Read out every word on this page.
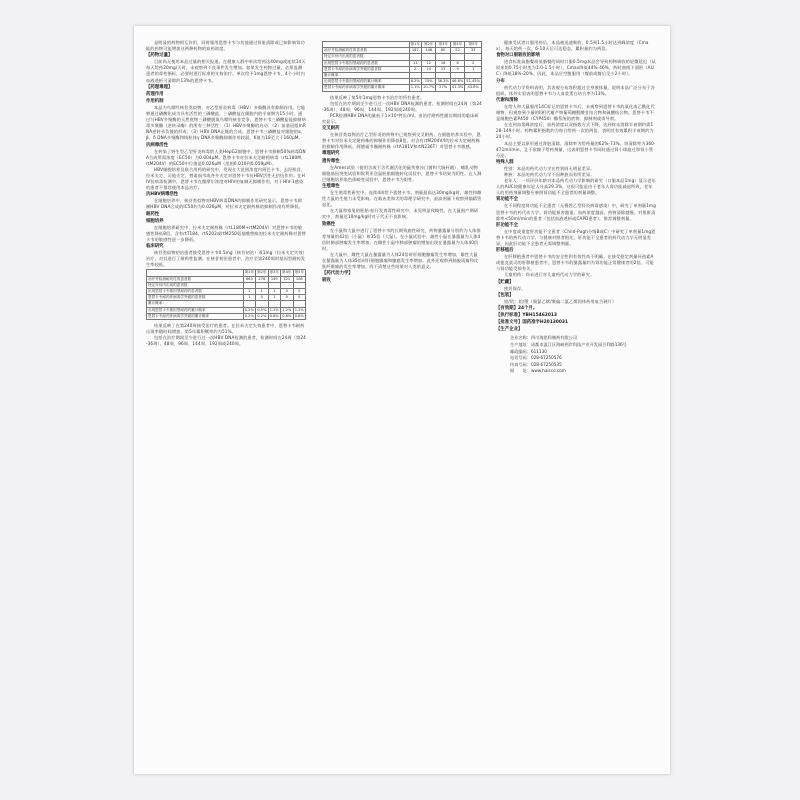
是明显的药物相互作用，同时服用恩替卡韦与其他通过肾脏清除或已知影响肾功能的药物可能增加这两种药物的血药浓度。

【药物过量】

目前尚无使用本品过量的相关报道。在健康人群中单次给药达40mg或连续14天每天给药20mg/天时，未观察到不良事件发生增加。如果发生药物过量，必须监测患者的毒性指标，必要时进行标准的支持治疗。单次给予1mg恩替卡韦，4个小时内血液透析可清除约13%的恩替卡韦。

【药理毒理】
药理作用
作用机制

本品为鸟嘌呤核苷类似物，对乙型肝炎病毒（HBV）多聚酶具有抑制作用。它能够通过磷酸化成为具有活性的三磷酸盐，三磷酸盐在细胞内的半衰期为15小时。通过与HBV多聚酶的天然底物三磷酸脱氧鸟嘌呤核苷竞争，恩替卡韦三磷酸盐能抑制病毒多聚酶（逆转录酶）的所有三种活性：（1）HBV多聚酶的启动；（2）前基因组mRNA逆转录负链的形成；（3）HBV DNA正链的合成。恩替卡韦三磷酸盐对细胞的α、β、δ DNA多聚酶和线粒体γ DNA多聚酶抑制作用较弱，K值为18至大于160μM。

抗病毒活性

在转染了野生型乙型肝炎病毒的人类HepG2细胞中，恩替卡韦抑制50%病毒DNA合成所需浓度（EC50）为0.004μM。恩替卡韦对拉米夫定耐药病毒（rtL180M、rtM204V）的EC50中位值是0.026μM（范围0.010到0.059μM）。

HBV细胞培养及联合用药的研究中，发现在大范围浓度内阿巴卡韦、去羟肌苷、拉米夫定、司他夫定、替诺福韦或齐多夫定对恩替卡韦抗HBV活性无拮抗作用。在HIV抗病毒检测中，恩替卡韦在微摩尔浓度对HIV的复制无抑制作用，对于HIV-1感染的患者不推荐使用本品治疗。

抗HBV病毒活性

在细胞培养中，核苷类似物对HBV病毒DNA的抑制作用研究显示，恩替卡韦抑制HBV DNA合成的IC50约为0.026μM，对拉米夫定耐药株的抑制作用有所降低。

耐药性
细胞培养

在细胞培养研究中，拉米夫定耐药株（rtL180M+rtM204V）对恩替卡韦的敏感性降低8倍。含有rtT184、rtS202或rtM250氨基酸替换的拉米夫定耐药株对恩替卡韦的敏感性进一步降低。

临床研究

核苷类似物初治患者接受恩替卡韦0.5mg（核苷初治）或1mg（拉米夫定失效）治疗，对其进行了耐药性监测。在核苷初治患者中，治疗至第240周时基因型耐药发生率较低。

	第1年	第2年	第3年	第4年	第5年
治疗并检测耐药性的患者数	663	278	149	121	108
特定年份内出现的患者数：					
出现恩替卡韦基因型耐药的患者数	1	1	1	0	0
恩替卡韦耐药伴病毒学突破的患者数	1	0	1	0	0
累计概率：					
出现恩替卡韦基因型耐药的累计概率	0.2%	0.5%	1.2%	1.2%	1.2%
恩替卡韦耐药伴病毒学突破的累计概率	0.2%	0.2%	0.8%	0.8%	0.8%

结果反映了在第240周接受治疗的患者。在拉米夫定失效患者中，恩替卡韦耐药出现率随时间增加，第5年累积概率约为51%。

包括在治疗期间至少进行过一次HBV DNA检测的患者，检测时间在24周（第24-36周）、48周、96周、144周、192周或240周。

	第1年	第2年	第3年	第4年	第5年
治疗并检测耐药性的患者数	187	146	80	52	33
特定年份内出现的患者数：					
出现恩替卡韦基因型耐药的患者数	11	12	16	6	2
恩替卡韦耐药伴病毒学突破的患者数	2	14	13	9	1
累计概率：					
出现恩替卡韦基因型耐药的累计概率	6.2%	15%	36.3%	46.6%	51.45%
恩替卡韦耐药伴病毒学突破的累计概率	1.1%	10.7%	27%	41.3%	43.6%

结果反映了第5年1mg恩替卡韦治疗的所有患者。

包括在治疗期间至少进行过一次HBV DNA检测的患者，检测时间在24周（第24-36周）、48周、96周、144周、192周或240周。

PCR检测HBV DNA的量低于1×10³拷贝/ml。由治疗耐药性随访期间的临床研究显示。

交叉耐药

在核苷类似物治疗乙型肝炎的药物中已观察到交叉耐药。在细胞培养实验中，恩替卡韦对拉米夫定耐药株的抑制作用降低8倍，对含有rtM204V/I的拉米夫定耐药株的抑制作用降低。阿德福韦酯耐药株（rtA181V和rtN236T）对恩替卡韦敏感。

毒理研究
遗传毒性

在Ames试验（使用含或不含代谢活化的鼠伤寒沙门菌和大肠杆菌）、哺乳动物细胞基因突变试验和叙利亚仓鼠胚胎细胞转化试验中，恩替卡韦结果为阴性。在人淋巴细胞培养染色体畸变试验中，恩替卡韦为阳性。

生殖毒性

在生殖毒性研究中，连续4周给予恩替卡韦，剂量最高达30mg/kg时，雄性和雌性大鼠的生殖力未受影响。在啮齿类和犬的毒理学研究中，最高剂量下观察到输精管退化。

在大鼠和家兔的胚胎-胎仔发育毒性研究中，未见明显致畸性。在大鼠围产期研究中，剂量达10mg/kg时对子代无不良影响。

致癌性

在小鼠和大鼠中进行了恩替卡韦的长期致癌性研究，药物暴露量分别约为人体推荐剂量的42倍（小鼠）和35倍（大鼠）。在小鼠试验中，雄性小鼠在暴露量为人体4倍时肺部肿瘤发生率增加，在雌性小鼠中肺部肿瘤的增加出现在暴露量为人体40倍时。

在大鼠中，雌性大鼠在暴露量为人体24倍时肝细胞腺瘤发生率增加，雄性大鼠在暴露量为人体35倍时肝细胞腺瘤和腺癌发生率增加。此外还观察到脑胶质瘤和皮肤纤维瘤的发生率增加。尚不清楚这些结果对人类的意义。

【药代动力学】
吸收

健康受试者口服用药后，本品被迅速吸收，0.5到1.5小时达到峰浓度（Cmax）。每天给药一次，6-10天后可达稳态，累积量约为两倍。

食物对口服吸收的影响

进食标准高脂餐或低脂餐的同时口服0.5mg本品会导致药物吸收的轻微延迟（从原来的0.75小时变为1.0-1.5小时），Cmax降低44%-46%，药时曲线下面积（AUC）降低18%-20%。因此，本品应空腹服用（餐前或餐后至少2小时）。

分布

药代动力学资料表明，其表观分布容积超过全身液体量，说明本品广泛分布于各组织。体外实验表明恩替卡韦与人血浆蛋白结合率为13%。

代谢和清除

在给人和大鼠服用14C标记的恩替卡韦后，未观察到恩替卡韦的氧化或乙酰化代谢物，但观察到少量的II相代谢产物葡萄糖醛酸苷结合物和硫酸结合物。恩替卡韦不是细胞色素P450（CYP450）酶系统的底物、抑制剂或诱导剂。

在达到血浆峰浓度后，血药浓度以双指数方式下降，达到终末消除半衰期约需128-149小时。药物累积指数约为每日给药一次的两倍，表明其有效累积半衰期约为24小时。

本品主要以原形通过肾脏清除，清除率为给药量的62%-73%。肾清除率为360-471ml/min，且不依赖于给药剂量，这表明恩替卡韦同时通过肾小球滤过和肾小管分泌。

特殊人群

性别：本品的药代动力学在性别间无明显差异。

种族：本品的药代动力学不因种族而有所差异。

老年人：一项评价年龄对本品药代动力学影响的研究（口服本品1mg）显示老年人的AUC较健康年轻人升高29.3%，这很可能是由于老年人肾功能减退所致。老年人的用药剂量调整应参照肾功能不全患者的剂量调整。

肾功能不全

在不同程度肾功能不全患者（无慢性乙型肝炎病毒感染）中，研究了单剂量1mg恩替卡韦的药代动力学。肾功能损害越重，血药浓度越高，药物清除越慢。对肌酐清除率<50ml/min的患者（包括血液透析或CAPD患者），推荐调整剂量。

肝功能不全

在中度或重度肝功能不全患者（Child-Pugh分级B或C）中研究了单剂量1mg恩替卡韦的药代动力学。与健康对照者相比，肝功能不全患者的药代动力学无明显差异，因此肝功能不全患者无需调整剂量。

肝移植后

在肝移植患者中恩替卡韦的安全性和有效性尚不明确。在接受稳定剂量环孢素A或他克莫司的肝移植患者中，恩替卡韦的暴露量约为肾功能正常健康者的2倍，可能与肾功能受损有关。

儿童用药：尚未进行对儿童药代动力学的研究。

【贮藏】

密封保存。

【包装】

铝/铝；铝/塑（聚氯乙烯/聚偏二氯乙烯固体药用复合硬片）

【有效期】24个月。
【执行标准】YBH15462013
【批准文号】国药准字H20130031
【生产企业】
企业名称：四川海思科制药有限公司
生产地址：成都市温江区海峡两岸科技产业开发园百利路136号
邮政编码：611130
电话号码：028-67250576
传真号码：028-67250535
网　　址：www.haisco.com
